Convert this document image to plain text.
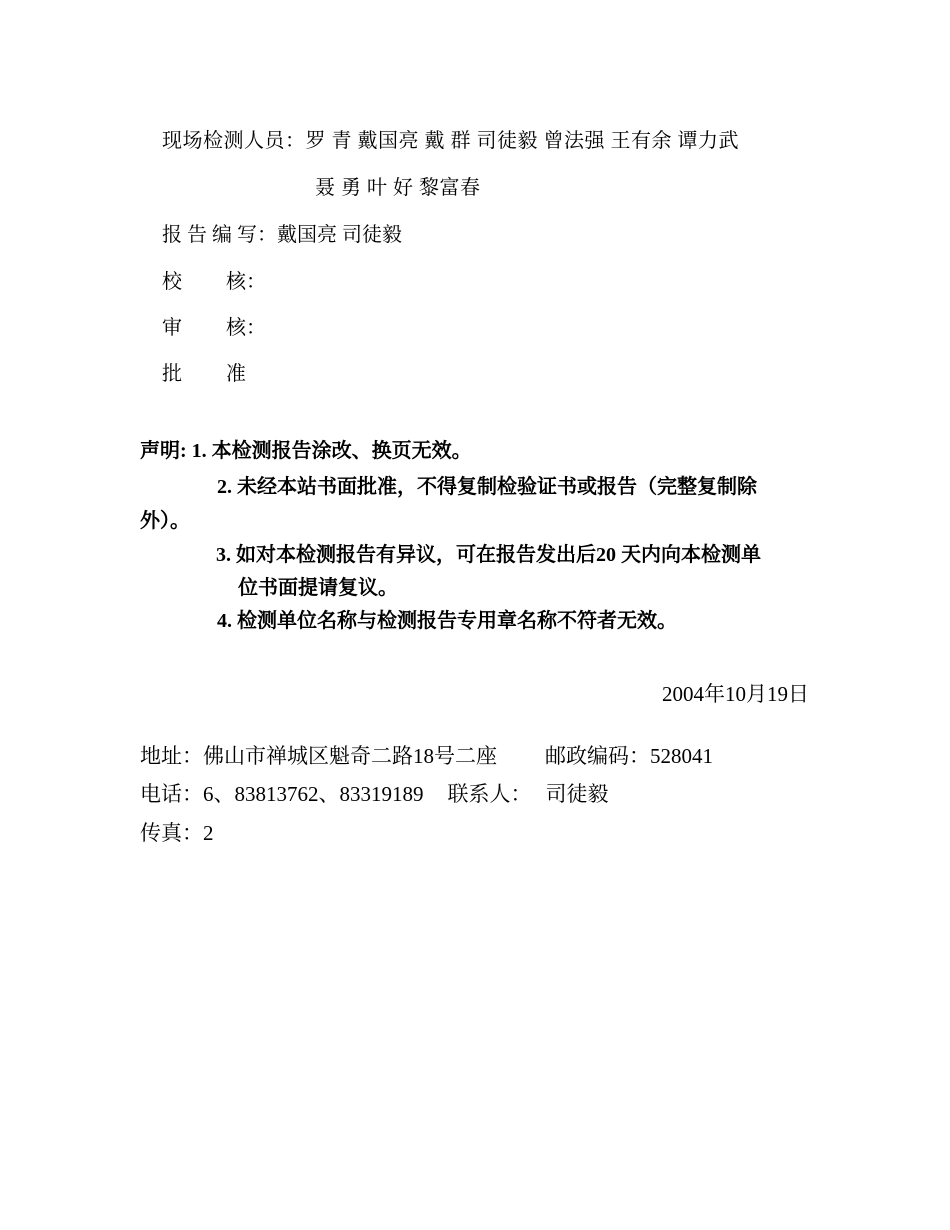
现场检测人员：罗 青 戴国亮 戴 群 司徒毅 曾法强 王有余 谭力武
聂 勇 叶 好 黎富春
报 告 编 写：戴国亮 司徒毅
校 核：
审 核：
批 准
声明: 1. 本检测报告涂改、换页无效。
2. 未经本站书面批准，不得复制检验证书或报告（完整复制除
外）。
3. 如对本检测报告有异议，可在报告发出后20 天内向本检测单
位书面提请复议。
4. 检测单位名称与检测报告专用章名称不符者无效。
2004年10月19日
地址：佛山市禅城区魁奇二路18号二座 邮政编码：528041
电话：6、83813762、83319189 联系人： 司徒毅
传真：2
